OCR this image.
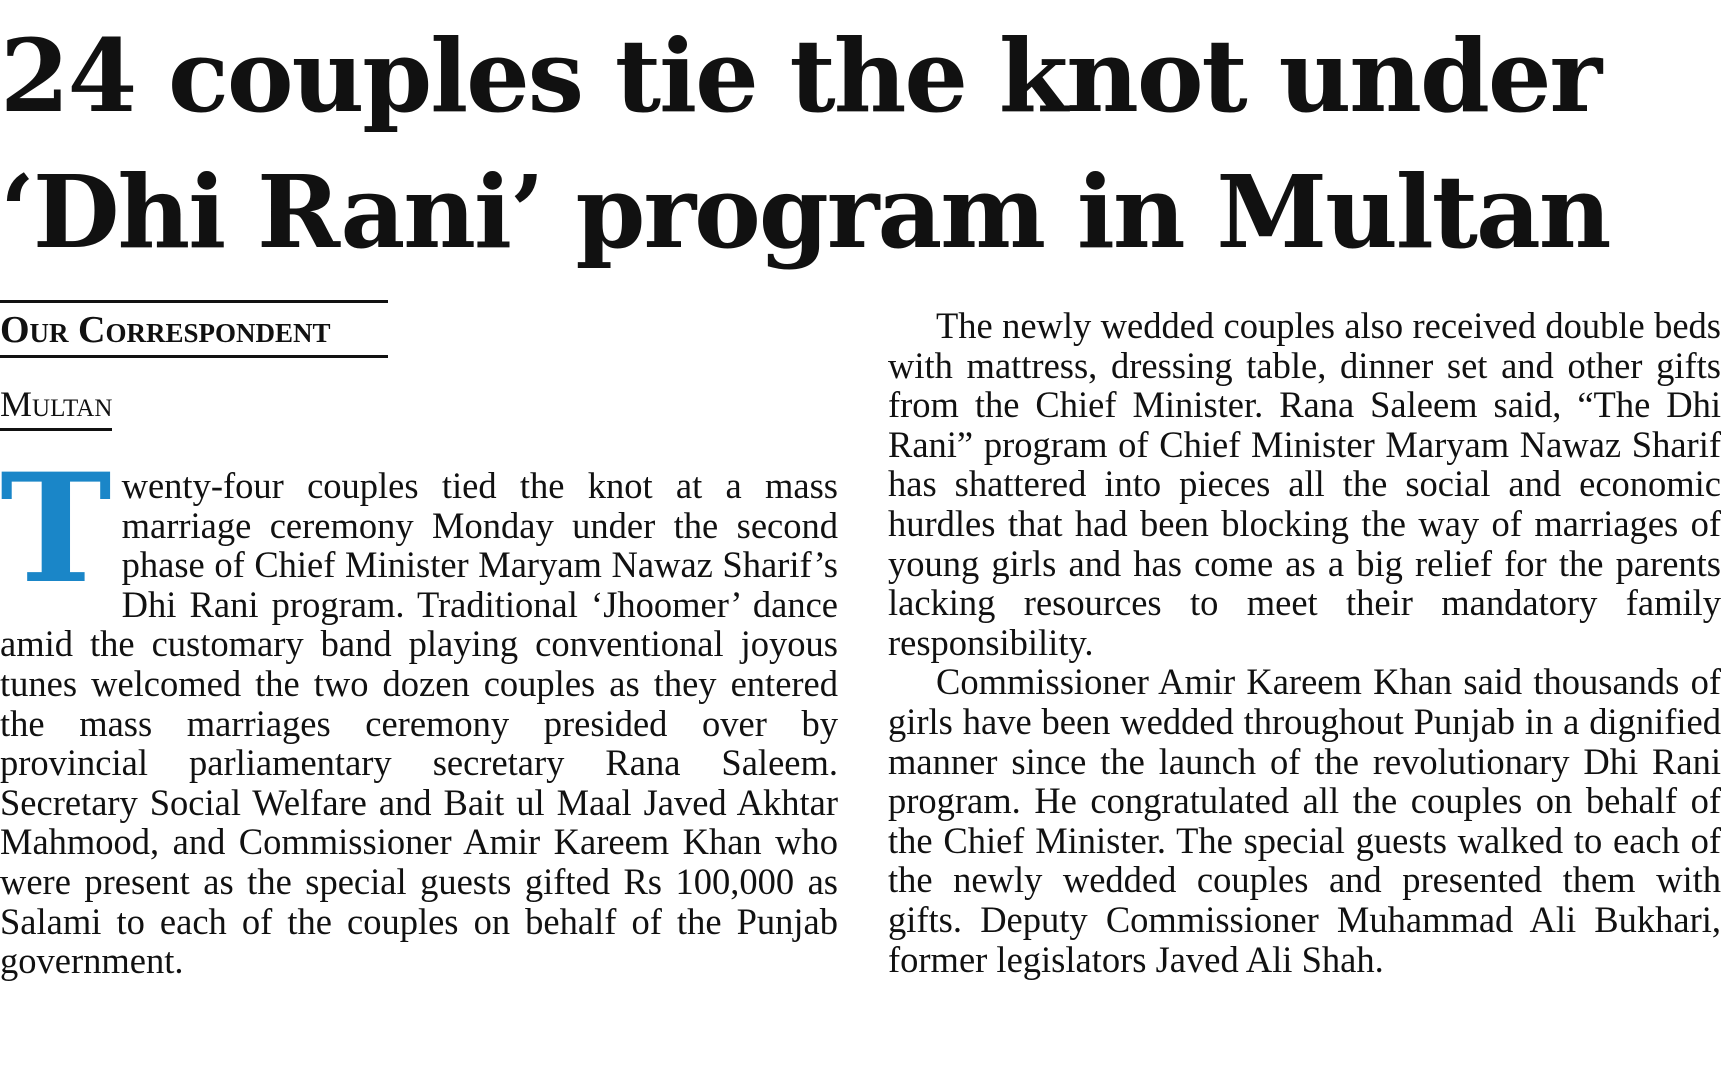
24 couples tie the knot under
‘Dhi Rani’ program in Multan
Our Correspondent
Multan

Twenty-four couples tied the knot at a mass marriage ceremony Monday under the second phase of Chief Minister Maryam Nawaz Sharif’s Dhi Rani program. Traditional ‘Jhoomer’ dance amid the customary band playing conventional joyous tunes welcomed the two dozen couples as they entered the mass marriages ceremony presided over by provincial parliamentary secretary Rana Saleem. Secretary Social Welfare and Bait ul Maal Javed Akhtar Mahmood, and Commissioner Amir Kareem Khan who were present as the special guests gifted Rs 100,000 as Salami to each of the couples on behalf of the Punjab government.

The newly wedded couples also received double beds with mattress, dressing table, dinner set and other gifts from the Chief Minister. Rana Saleem said, “The Dhi Rani” program of Chief Minister Maryam Nawaz Sharif has shattered into pieces all the social and economic hurdles that had been blocking the way of marriages of young girls and has come as a big relief for the parents lacking resources to meet their mandatory family responsibility.

Commissioner Amir Kareem Khan said thousands of girls have been wedded throughout Punjab in a dignified manner since the launch of the revolutionary Dhi Rani program. He congratulated all the couples on behalf of the Chief Minister. The special guests walked to each of the newly wedded couples and presented them with gifts. Deputy Commissioner Muhammad Ali Bukhari, former legislators Javed Ali Shah.
